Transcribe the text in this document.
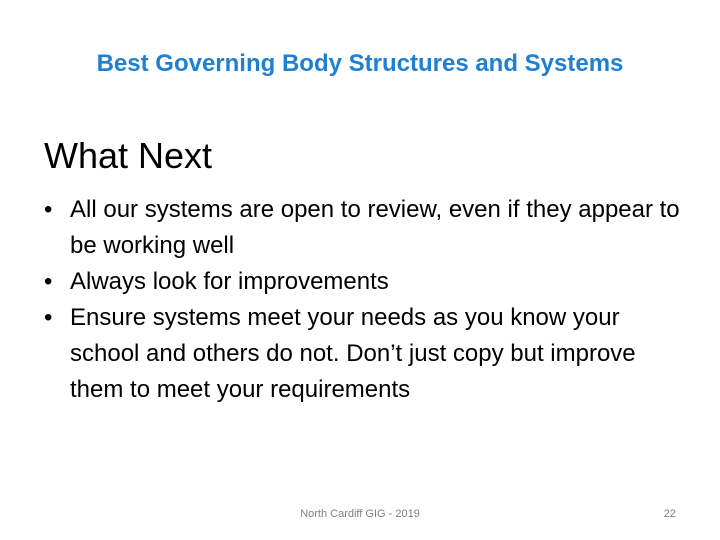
Best Governing Body Structures and Systems
What Next
• All our systems are open to review, even if they appear to be working well
• Always look for improvements
• Ensure systems meet your needs as you know your school and others do not. Don’t just copy but improve them to meet your requirements
North Cardiff GIG - 2019	22
